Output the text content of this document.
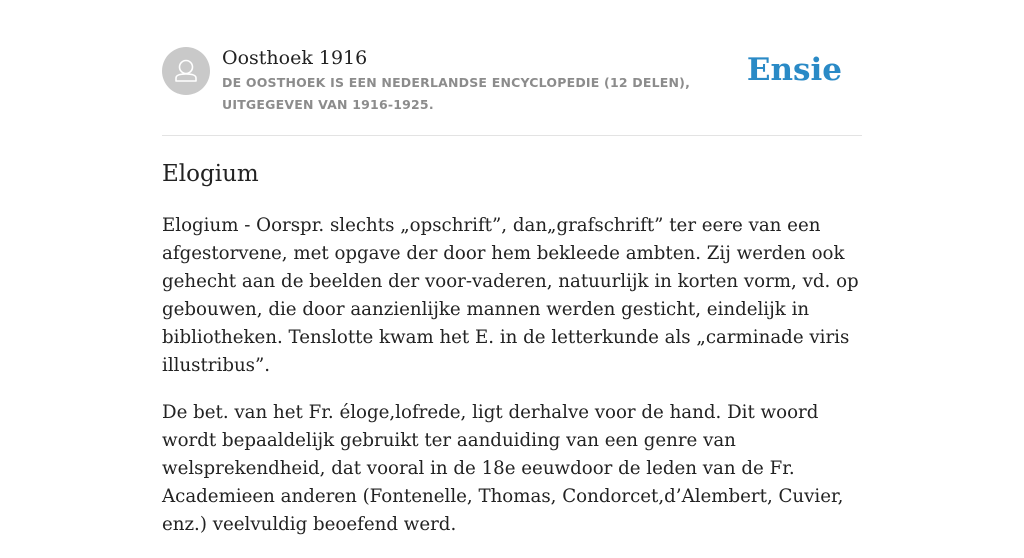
Oosthoek 1916
DE OOSTHOEK IS EEN NEDERLANDSE ENCYCLOPEDIE (12 DELEN), UITGEGEVEN VAN 1916-1925.
Ensie
Elogium

Elogium - Oorspr. slechts „opschrift”, dan„grafschrift” ter eere van een afgestorvene, met opgave der door hem bekleede ambten. Zij werden ook gehecht aan de beelden der voor-vaderen, natuurlijk in korten vorm, vd. op gebouwen, die door aanzienlijke mannen werden gesticht, eindelijk in bibliotheken. Tenslotte kwam het E. in de letterkunde als „carminade viris illustribus”.

De bet. van het Fr. éloge,lofrede, ligt derhalve voor de hand. Dit woord wordt bepaaldelijk gebruikt ter aanduiding van een genre van welsprekendheid, dat vooral in de 18e eeuwdoor de leden van de Fr. Academieen anderen (Fontenelle, Thomas, Condorcet,d’Alembert, Cuvier, enz.) veelvuldig beoefend werd.
